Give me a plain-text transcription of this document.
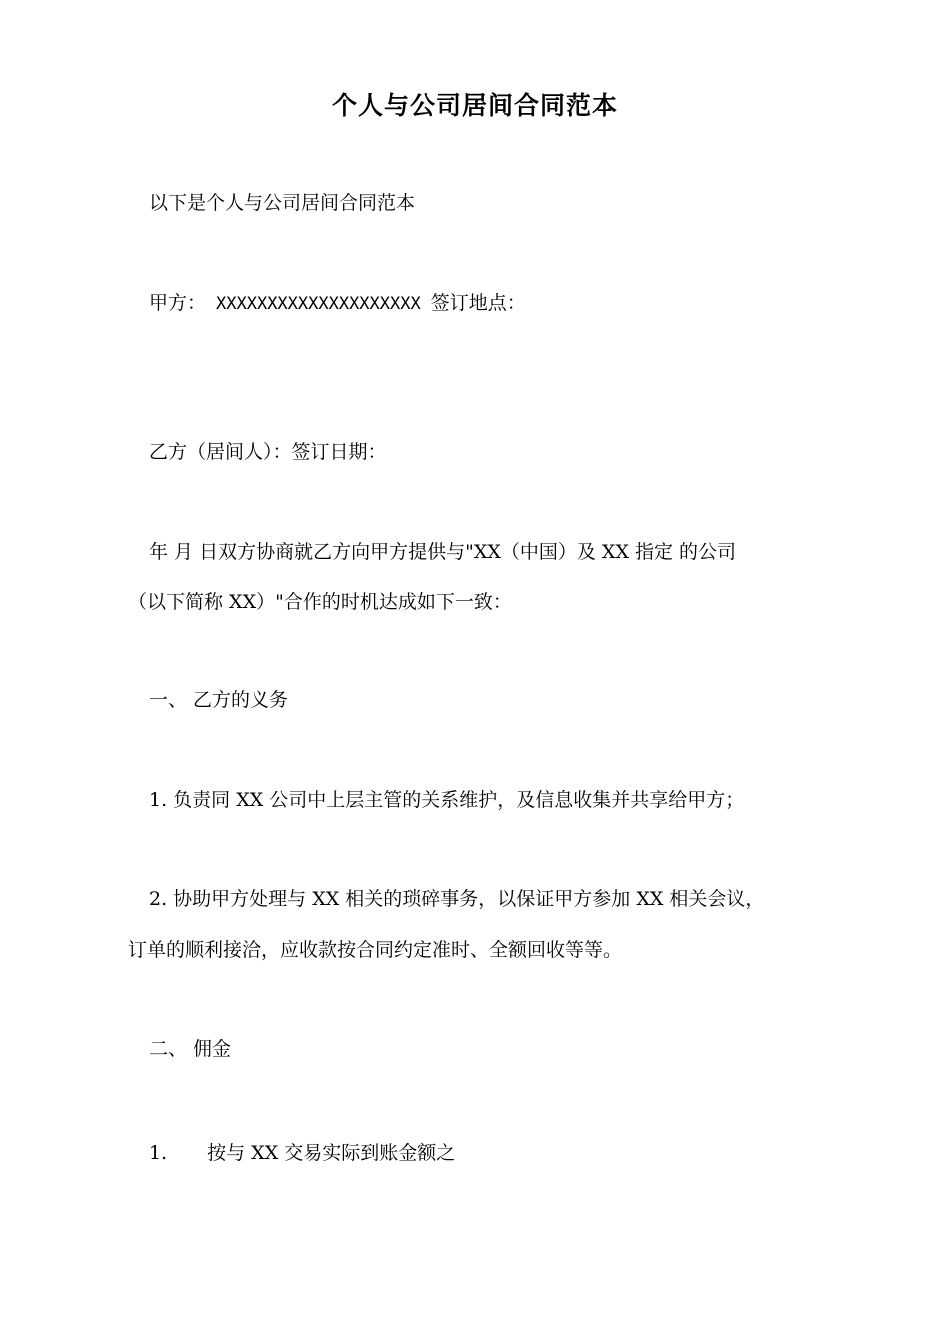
个人与公司居间合同范本

以下是个人与公司居间合同范本

甲方： XXXXXXXXXXXXXXXXXXXX 签订地点：

乙方（居间人）：签订日期：

年 月 日双方协商就乙方向甲方提供与"XX（中国）及 XX 指定 的公司

（以下简称 XX）"合作的时机达成如下一致：

一、 乙方的义务

1. 负责同 XX 公司中上层主管的关系维护，及信息收集并共享给甲方；

2. 协助甲方处理与 XX 相关的琐碎事务，以保证甲方参加 XX 相关会议，

订单的顺利接洽，应收款按合同约定准时、全额回收等等。

二、 佣金

1. 按与 XX 交易实际到账金额之
